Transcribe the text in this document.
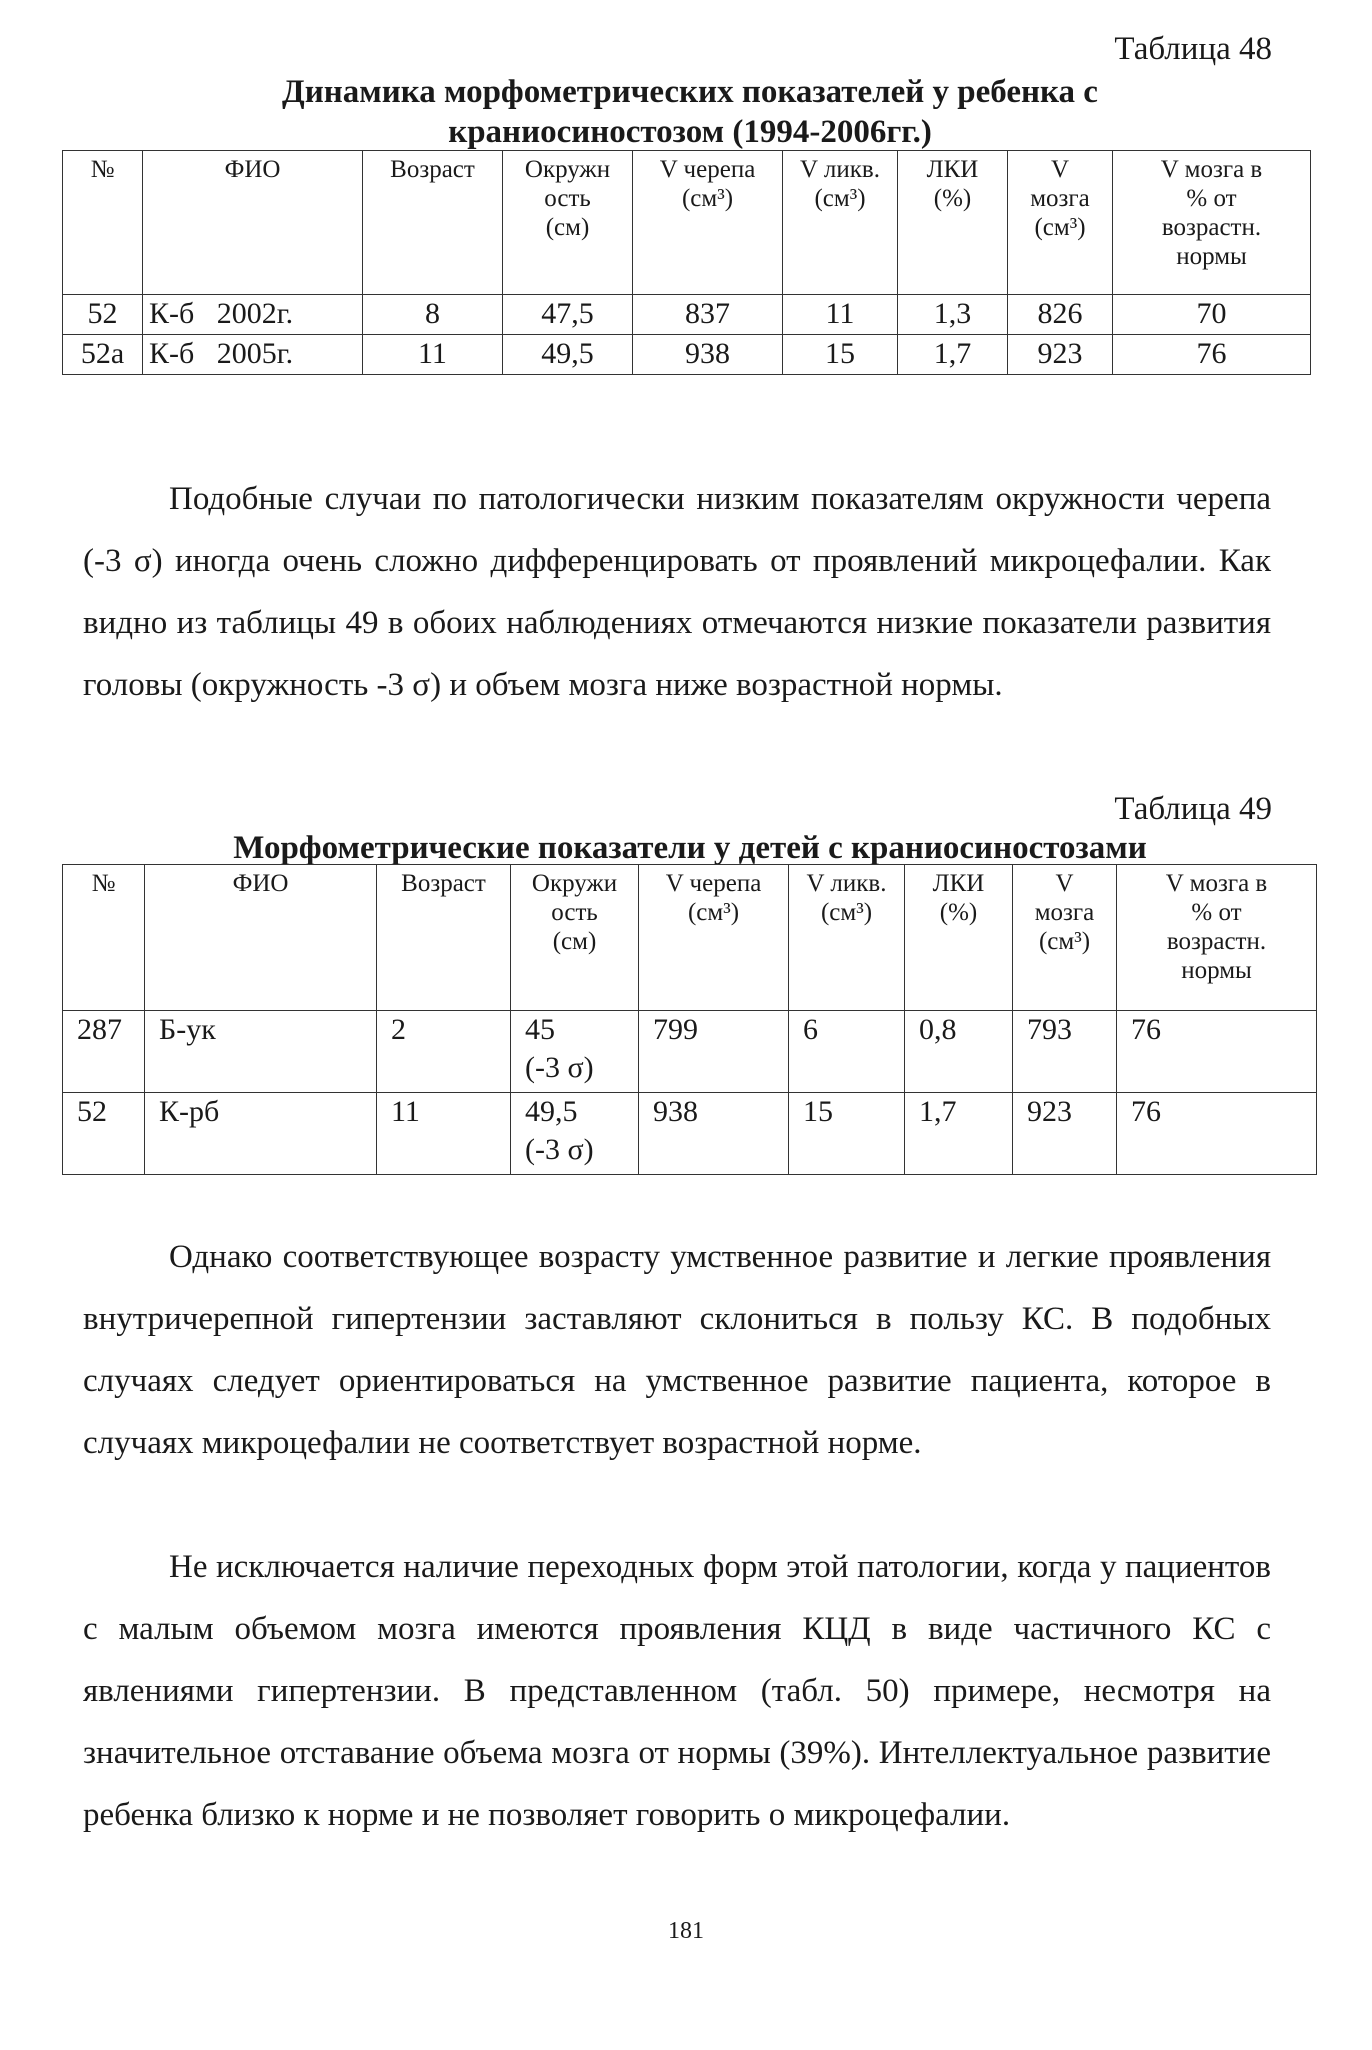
Таблица 48
Динамика морфометрических показателей у ребенка с
краниосиностозом (1994-2006гг.)
№	ФИО	Возраст	Окружн
ость
(см)	V черепа
(см³)	V ликв.
(см³)	ЛКИ
(%)	V
мозга
(см³)	V мозга в
% от
возрастн.
нормы

52	К-б   2002г.	8	47,5	837	11	1,3	826	70
52а	К-б   2005г.	11	49,5	938	15	1,7	923	76
Подобные случаи по патологически низким показателям окружности черепа (-3 σ) иногда очень сложно дифференцировать от проявлений микроцефалии. Как видно из таблицы 49 в обоих наблюдениях отмечаются низкие показатели развития головы (окружность -3 σ) и объем мозга ниже возрастной нормы.
Таблица 49
Морфометрические показатели у детей с краниосиностозами
№	ФИО	Возраст	Окружи
ость
(см)	V черепа
(см³)	V ликв.
(см³)	ЛКИ
(%)	V
мозга
(см³)	V мозга в
% от
возрастн.
нормы

287	Б-ук	2	45
(-3 σ)	799	6	0,8	793	76
52	К-рб	11	49,5
(-3 σ)	938	15	1,7	923	76
Однако соответствующее возрасту умственное развитие и легкие проявления внутричерепной гипертензии заставляют склониться в пользу КС. В подобных случаях следует ориентироваться на умственное развитие пациента, которое в случаях микроцефалии не соответствует возрастной норме.
Не исключается наличие переходных форм этой патологии, когда у пациентов с малым объемом мозга имеются проявления КЦД в виде частичного КС с явлениями гипертензии. В представленном (табл. 50) примере, несмотря на значительное отставание объема мозга от нормы (39%). Интеллектуальное развитие ребенка близко к норме и не позволяет говорить о микроцефалии.
181
